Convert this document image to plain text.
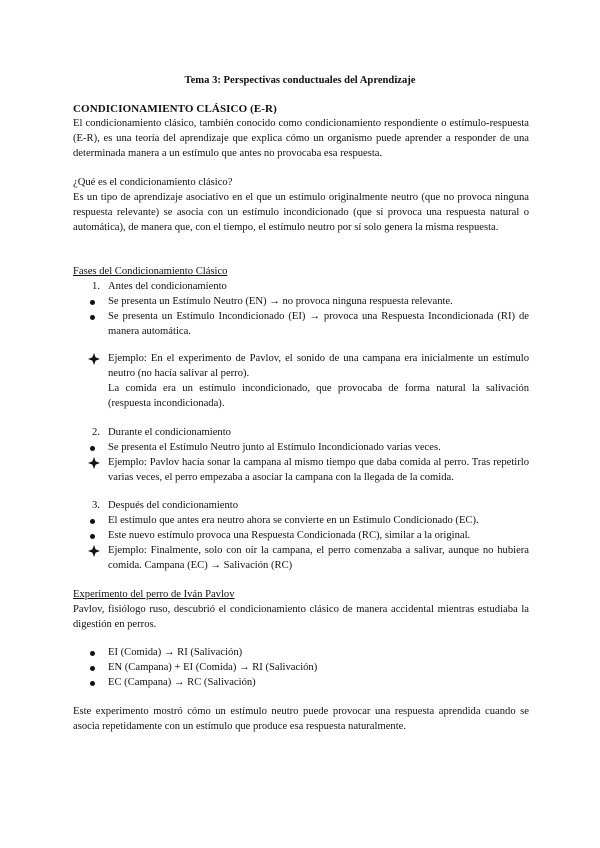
Tema 3: Perspectivas conductuales del Aprendizaje

CONDICIONAMIENTO CLÁSICO (E-R)

El condicionamiento clásico, también conocido como condicionamiento respondiente o estímulo-respuesta (E-R), es una teoría del aprendizaje que explica cómo un organismo puede aprender a responder de una determinada manera a un estímulo que antes no provocaba esa respuesta.

¿Qué es el condicionamiento clásico?

Es un tipo de aprendizaje asociativo en el que un estímulo originalmente neutro (que no provoca ninguna respuesta relevante) se asocia con un estímulo incondicionado (que sí provoca una respuesta natural o automática), de manera que, con el tiempo, el estímulo neutro por sí solo genera la misma respuesta.

Fases del Condicionamiento Clásico

1. Antes del condicionamiento
Se presenta un Estímulo Neutro (EN) → no provoca ninguna respuesta relevante.
Se presenta un Estímulo Incondicionado (EI) → provoca una Respuesta Incondicionada (RI) de manera automática.
Ejemplo: En el experimento de Pavlov, el sonido de una campana era inicialmente un estímulo neutro (no hacía salivar al perro).
La comida era un estímulo incondicionado, que provocaba de forma natural la salivación (respuesta incondicionada).
2. Durante el condicionamiento
Se presenta el Estímulo Neutro junto al Estímulo Incondicionado varias veces.
Ejemplo: Pavlov hacía sonar la campana al mismo tiempo que daba comida al perro. Tras repetirlo varias veces, el perro empezaba a asociar la campana con la llegada de la comida.
3. Después del condicionamiento
El estímulo que antes era neutro ahora se convierte en un Estímulo Condicionado (EC).
Este nuevo estímulo provoca una Respuesta Condicionada (RC), similar a la original.
Ejemplo: Finalmente, solo con oír la campana, el perro comenzaba a salivar, aunque no hubiera comida. Campana (EC) → Salivación (RC)

Experimento del perro de Iván Pavlov

Pavlov, fisiólogo ruso, descubrió el condicionamiento clásico de manera accidental mientras estudiaba la digestión en perros.

EI (Comida) → RI (Salivación)
EN (Campana) + EI (Comida) → RI (Salivación)
EC (Campana) → RC (Salivación)

Este experimento mostró cómo un estímulo neutro puede provocar una respuesta aprendida cuando se asocia repetidamente con un estímulo que produce esa respuesta naturalmente.
